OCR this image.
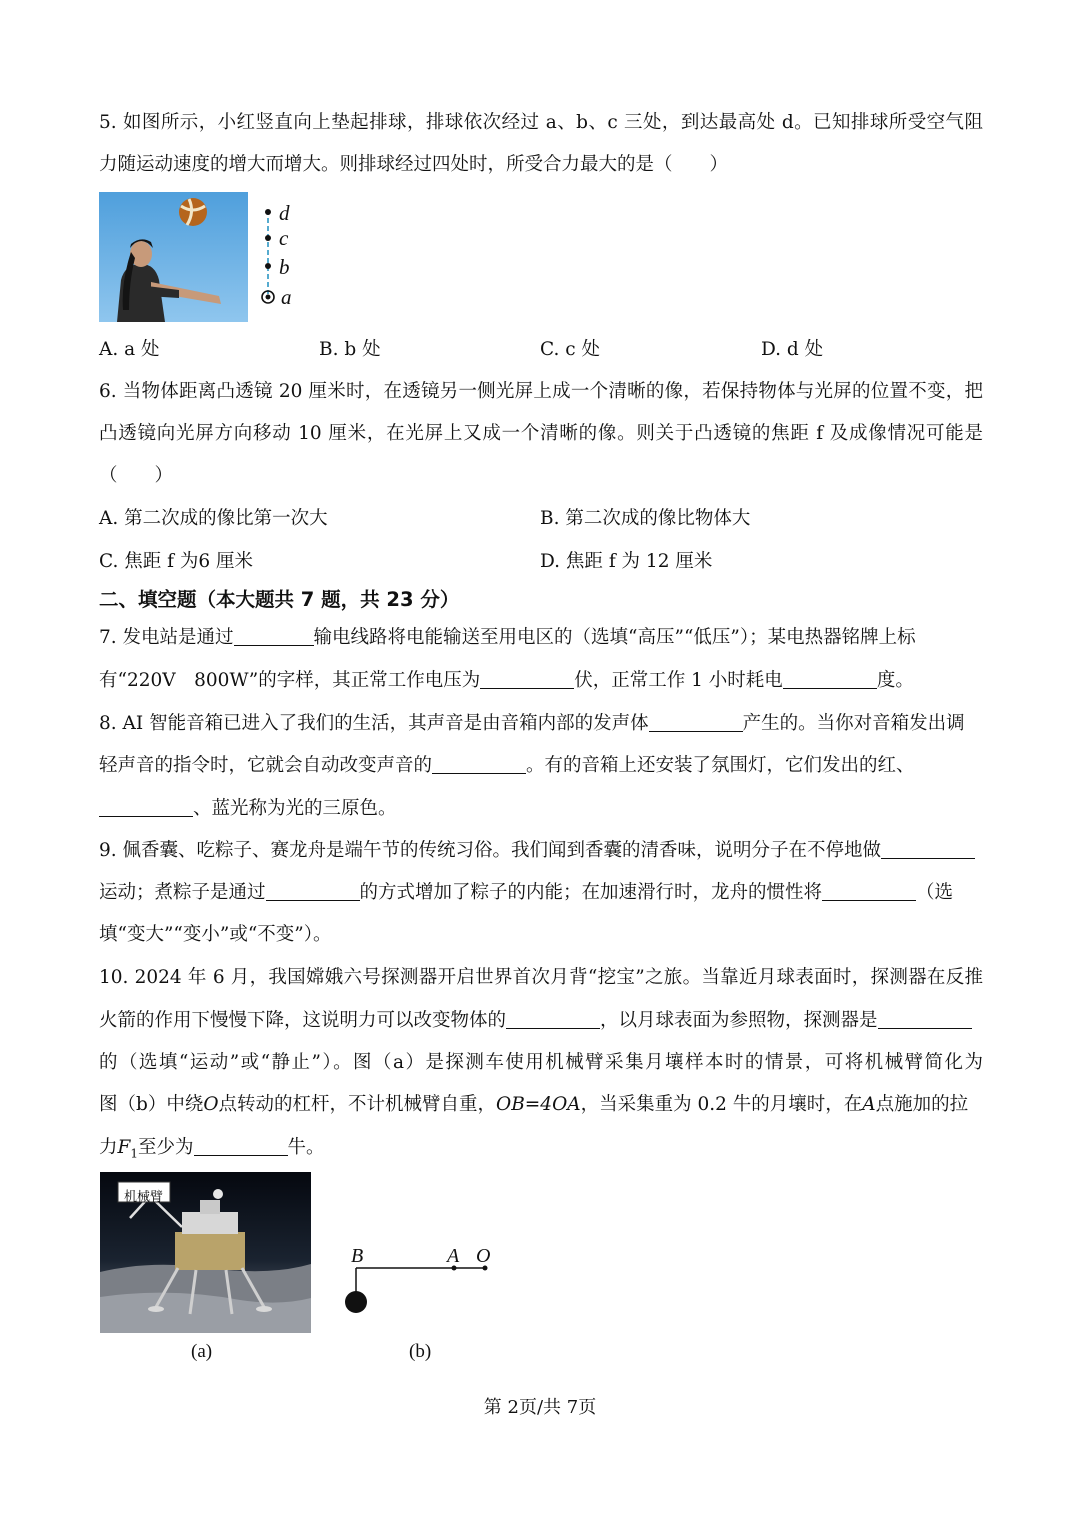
5. 如图所示，小红竖直向上垫起排球，排球依次经过 a、b、c 三处，到达最高处 d。已知排球所受空气阻
力随运动速度的增大而增大。则排球经过四处时，所受合力最大的是（　　）
d
c
b
a
A. a 处	B. b 处	C. c 处	D. d 处
6. 当物体距离凸透镜 20 厘米时，在透镜另一侧光屏上成一个清晰的像，若保持物体与光屏的位置不变，把
凸透镜向光屏方向移动 10 厘米，在光屏上又成一个清晰的像。则关于凸透镜的焦距 f 及成像情况可能是
（　　）
A. 第二次成的像比第一次大	B. 第二次成的像比物体大
C. 焦距 f 为6 厘米	D. 焦距 f 为 12 厘米
二、填空题（本大题共 7 题，共 23 分）
7. 发电站是通过	输电线路将电能输送至用电区的（选填“高压”“低压”）；某电热器铭牌上标
有“220V　800W”的字样，其正常工作电压为	伏，正常工作 1 小时耗电	度。
8. AI 智能音箱已进入了我们的生活，其声音是由音箱内部的发声体	产生的。当你对音箱发出调
轻声音的指令时，它就会自动改变声音的	。有的音箱上还安装了氛围灯，它们发出的红、
、蓝光称为光的三原色。
9. 佩香囊、吃粽子、赛龙舟是端午节的传统习俗。我们闻到香囊的清香味，说明分子在不停地做
运动；煮粽子是通过	的方式增加了粽子的内能；在加速滑行时，龙舟的惯性将	（选
填“变大”“变小”或“不变”）。
10. 2024 年 6 月，我国嫦娥六号探测器开启世界首次月背“挖宝”之旅。当靠近月球表面时，探测器在反推
火箭的作用下慢慢下降，这说明力可以改变物体的	，以月球表面为参照物，探测器是
的（选填“运动”或“静止”）。图（a）是探测车使用机械臂采集月壤样本时的情景，可将机械臂简化为
图（b）中绕O点转动的杠杆，不计机械臂自重，OB=4OA，当采集重为 0.2 牛的月壤时，在A点施加的拉
力$F_1$至少为	牛。
机械臂
(a)
B	A O
(b)
第 2页/共 7页
